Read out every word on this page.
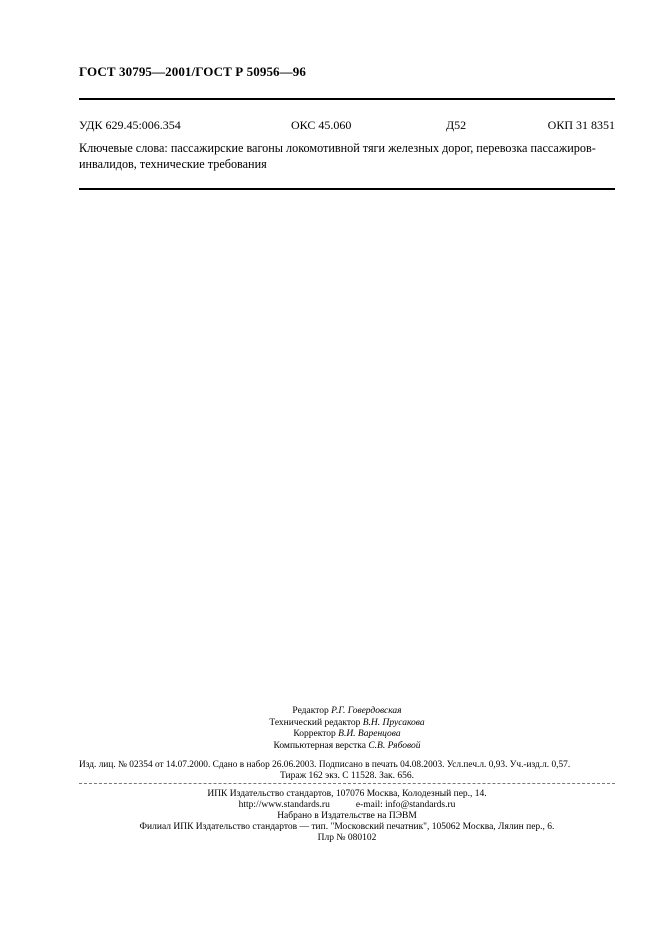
ГОСТ 30795—2001/ГОСТ Р 50956—96
УДК 629.45:006.354	ОКС 45.060	Д52	ОКП 31 8351

Ключевые слова: пассажирские вагоны локомотивной тяги железных дорог, перевозка пассажиров-инвалидов, технические требования

Редактор Р.Г. Говердовская
Технический редактор В.Н. Прусакова
Корректор В.И. Варенцова
Компьютерная верстка С.В. Рябовой
Изд. лиц. № 02354 от 14.07.2000. Сдано в набор 26.06.2003. Подписано в печать 04.08.2003. Усл.печ.л. 0,93. Уч.-изд.л. 0,57.
Тираж 162 экз. С 11528. Зак. 656.
ИПК Издательство стандартов, 107076 Москва, Колодезный пер., 14.
http://www.standards.ru	e-mail: info@standards.ru
Набрано в Издательстве на ПЭВМ
Филиал ИПК Издательство стандартов — тип. "Московский печатник", 105062 Москва, Лялин пер., 6.
Плр № 080102
